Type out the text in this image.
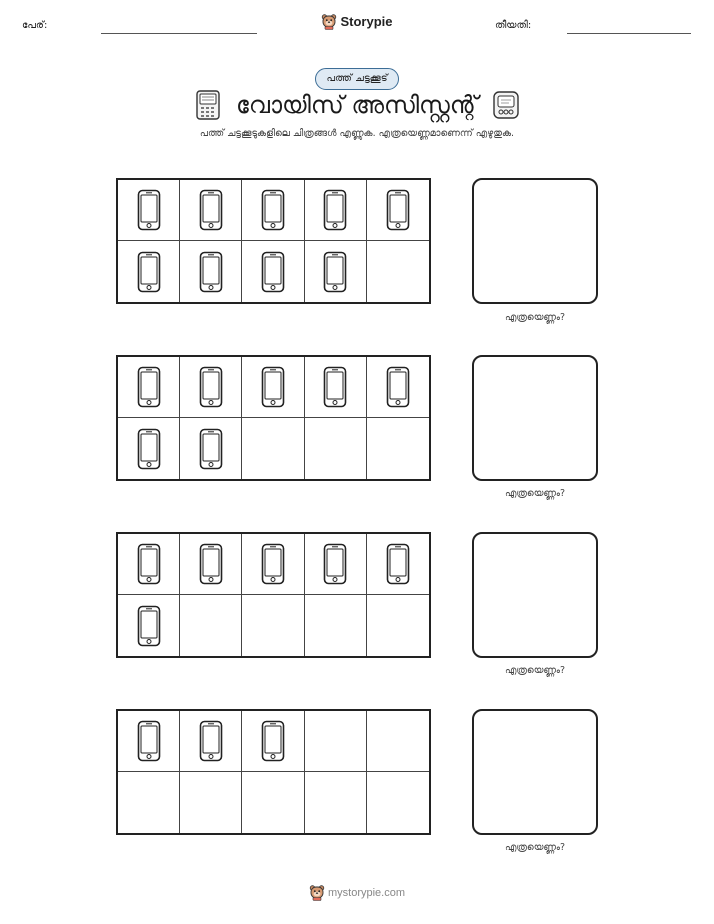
പേര്:	Storypie	തീയതി:
പത്ത് ചട്ടക്കൂട്
വോയിസ് അസിസ്റ്റന്റ്
പത്ത് ചട്ടക്കൂടുകളിലെ ചിത്രങ്ങൾ എണ്ണുക. എത്രയെണ്ണമാണെന്ന് എഴുതുക.
എത്രയെണ്ണം?
എത്രയെണ്ണം?
എത്രയെണ്ണം?
എത്രയെണ്ണം?
mystorypie.com
